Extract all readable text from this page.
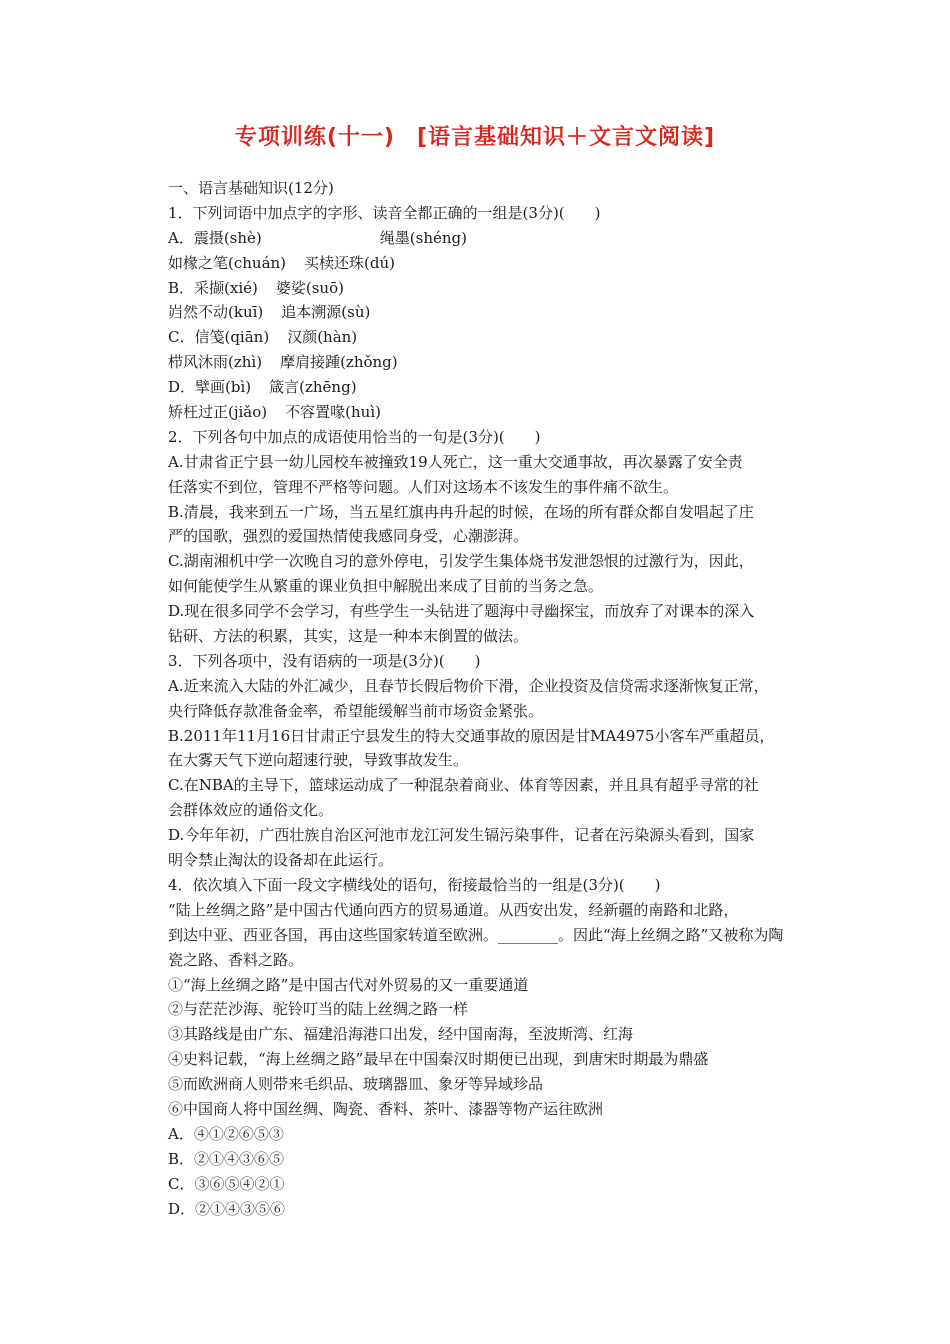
专项训练(十一) [语言基础知识＋文言文阅读]
一、语言基础知识(12分)
1．下列词语中加点字的字形、读音全都正确的一组是(3分)(　　)
A．震摄(shè)	绳墨(shéng)
如椽之笔(chuán) 买椟还珠(dú)
B．采撷(xié) 婆娑(suō)
岿然不动(kuī) 追本溯源(sù)
C．信笺(qiān) 汉颜(hàn)
栉风沐雨(zhì) 摩肩接踵(zhǒng)
D．擘画(bì) 箴言(zhēng)
矫枉过正(jiǎo) 不容置喙(huì)
2．下列各句中加点的成语使用恰当的一句是(3分)(　　)
A.甘肃省正宁县一幼儿园校车被撞致19人死亡，这一重大交通事故，再次暴露了安全责
任落实不到位，管理不严格等问题。人们对这场本不该发生的事件痛不欲生。
B.清晨，我来到五一广场，当五星红旗冉冉升起的时候，在场的所有群众都自发唱起了庄
严的国歌，强烈的爱国热情使我感同身受，心潮澎湃。
C.湖南湘机中学一次晚自习的意外停电，引发学生集体烧书发泄怨恨的过激行为，因此，
如何能使学生从繁重的课业负担中解脱出来成了目前的当务之急。
D.现在很多同学不会学习，有些学生一头钻进了题海中寻幽探宝，而放弃了对课本的深入
钻研、方法的积累，其实，这是一种本末倒置的做法。
3．下列各项中，没有语病的一项是(3分)(　　)
A.近来流入大陆的外汇减少，且春节长假后物价下滑，企业投资及信贷需求逐渐恢复正常，
央行降低存款准备金率，希望能缓解当前市场资金紧张。
B.2011年11月16日甘肃正宁县发生的特大交通事故的原因是甘MA4975小客车严重超员，
在大雾天气下逆向超速行驶，导致事故发生。
C.在NBA的主导下，篮球运动成了一种混杂着商业、体育等因素，并且具有超乎寻常的社
会群体效应的通俗文化。
D.今年年初，广西壮族自治区河池市龙江河发生镉污染事件，记者在污染源头看到，国家
明令禁止淘汰的设备却在此运行。
4．依次填入下面一段文字横线处的语句，衔接最恰当的一组是(3分)(　　)
“陆上丝绸之路”是中国古代通向西方的贸易通道。从西安出发，经新疆的南路和北路，
到达中亚、西亚各国，再由这些国家转道至欧洲。________。因此“海上丝绸之路”又被称为陶
瓷之路、香料之路。
①“海上丝绸之路”是中国古代对外贸易的又一重要通道
②与茫茫沙海、驼铃叮当的陆上丝绸之路一样
③其路线是由广东、福建沿海港口出发，经中国南海，至波斯湾、红海
④史料记载，“海上丝绸之路”最早在中国秦汉时期便已出现，到唐宋时期最为鼎盛
⑤而欧洲商人则带来毛织品、玻璃器皿、象牙等异域珍品
⑥中国商人将中国丝绸、陶瓷、香料、茶叶、漆器等物产运往欧洲
A．④①②⑥⑤③
B．②①④③⑥⑤
C．③⑥⑤④②①
D．②①④③⑤⑥
